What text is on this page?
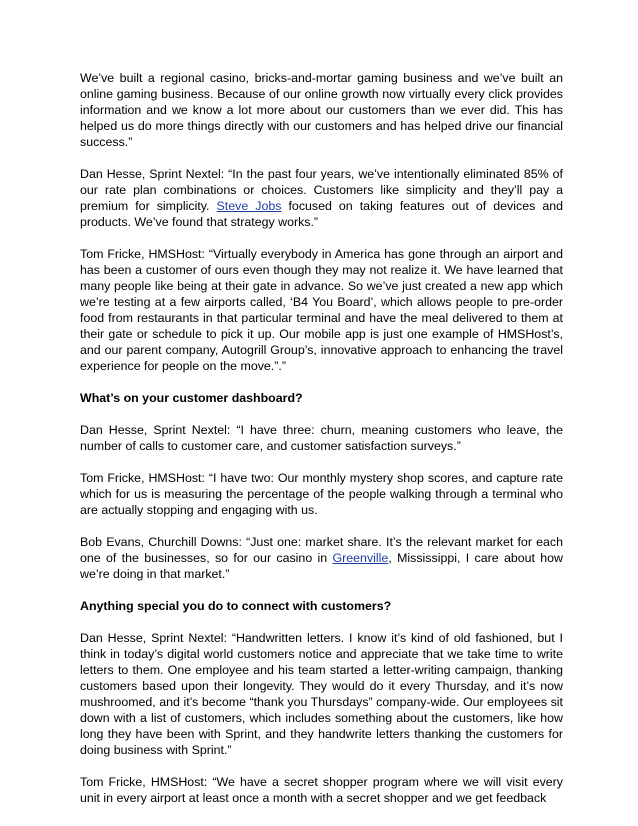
We’ve built a regional casino, bricks-and-mortar gaming business and we’ve built an online gaming business. Because of our online growth now virtually every click provides information and we know a lot more about our customers than we ever did. This has helped us do more things directly with our customers and has helped drive our financial success.”

Dan Hesse, Sprint Nextel: “In the past four years, we’ve intentionally eliminated 85% of our rate plan combinations or choices. Customers like simplicity and they’ll pay a premium for simplicity. Steve Jobs focused on taking features out of devices and products. We’ve found that strategy works.”

Tom Fricke, HMSHost: “Virtually everybody in America has gone through an airport and has been a customer of ours even though they may not realize it. We have learned that many people like being at their gate in advance. So we’ve just created a new app which we’re testing at a few airports called, ‘B4 You Board’, which allows people to pre-order food from restaurants in that particular terminal and have the meal delivered to them at their gate or schedule to pick it up. Our mobile app is just one example of HMSHost’s, and our parent company, Autogrill Group’s, innovative approach to enhancing the travel experience for people on the move.”.”

What’s on your customer dashboard?

Dan Hesse, Sprint Nextel: “I have three: churn, meaning customers who leave, the number of calls to customer care, and customer satisfaction surveys.”

Tom Fricke, HMSHost: “I have two: Our monthly mystery shop scores, and capture rate which for us is measuring the percentage of the people walking through a terminal who are actually stopping and engaging with us.

Bob Evans, Churchill Downs: “Just one: market share. It’s the relevant market for each one of the businesses, so for our casino in Greenville, Mississippi, I care about how we’re doing in that market.”

Anything special you do to connect with customers?

Dan Hesse, Sprint Nextel: “Handwritten letters. I know it’s kind of old fashioned, but I think in today’s digital world customers notice and appreciate that we take time to write letters to them. One employee and his team started a letter-writing campaign, thanking customers based upon their longevity. They would do it every Thursday, and it’s now mushroomed, and it’s become “thank you Thursdays” company-wide. Our employees sit down with a list of customers, which includes something about the customers, like how long they have been with Sprint, and they handwrite letters thanking the customers for doing business with Sprint.”

Tom Fricke, HMSHost: “We have a secret shopper program where we will visit every unit in every airport at least once a month with a secret shopper and we get feedback
